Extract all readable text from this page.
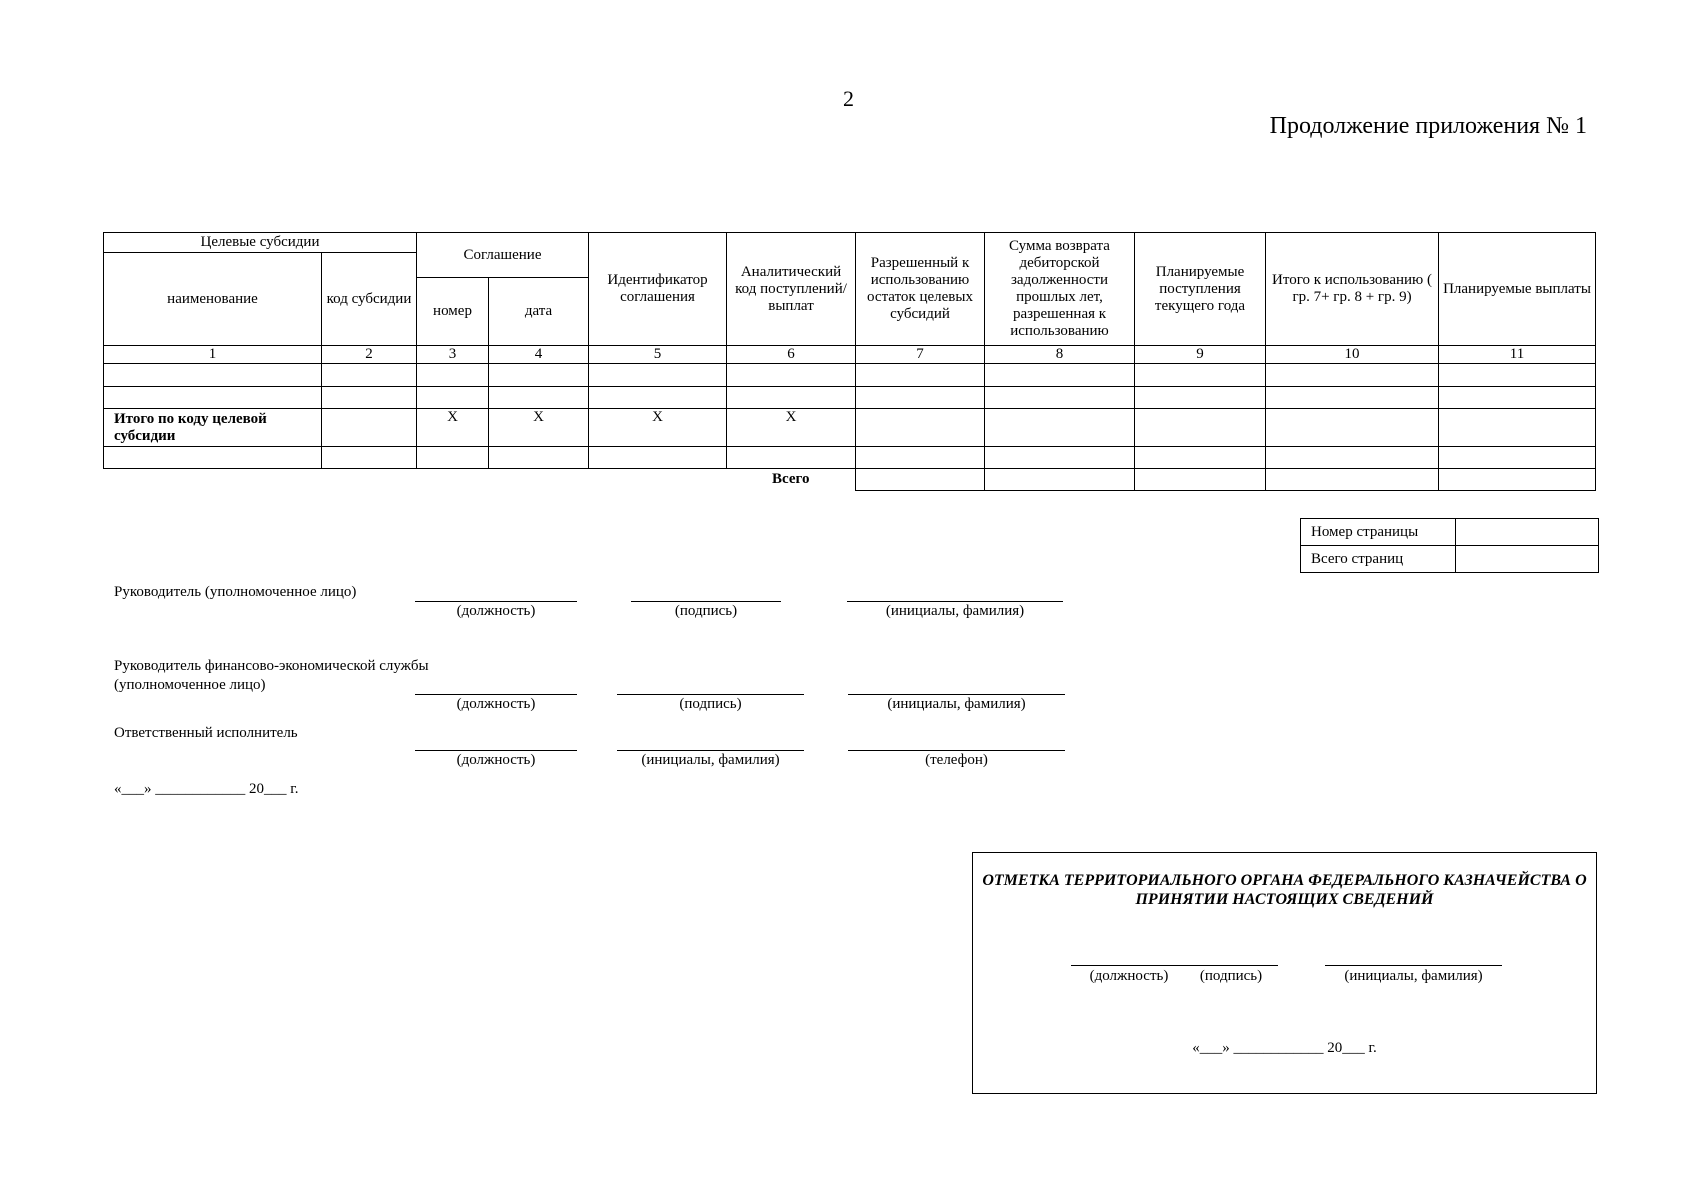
2
Продолжение приложения № 1
Целевые субсидии		Соглашение		Идентификатор соглашения	Аналитический код поступлений/ выплат	Разрешенный к использованию остаток целевых субсидий	Сумма возврата дебиторской задолженности прошлых лет, разрешенная к использованию	Планируемые поступления текущего года	Итого к использованию ( гр. 7+ гр. 8 + гр. 9)	Планируемые выплаты
наименование	код субсидии									
		номер	дата							
1	2	3	4	5	6	7	8	9	10	11

Итого по коду целевой субсидии		X	X	X	X					

					Всего					
Номер страницы	
Всего страниц	
Руководитель (уполномоченное лицо)
(должность)	(подпись)	(инициалы, фамилия)
Руководитель финансово-экономической службы (уполномоченное лицо)
(должность)	(подпись)	(инициалы, фамилия)
Ответственный исполнитель
(должность)	(инициалы, фамилия)	(телефон)
«___» ____________ 20___ г.
ОТМЕТКА ТЕРРИТОРИАЛЬНОГО ОРГАНА ФЕДЕРАЛЬНОГО КАЗНАЧЕЙСТВА О ПРИНЯТИИ НАСТОЯЩИХ СВЕДЕНИЙ
(должность)	(подпись)	(инициалы, фамилия)
«___» ____________ 20___ г.
